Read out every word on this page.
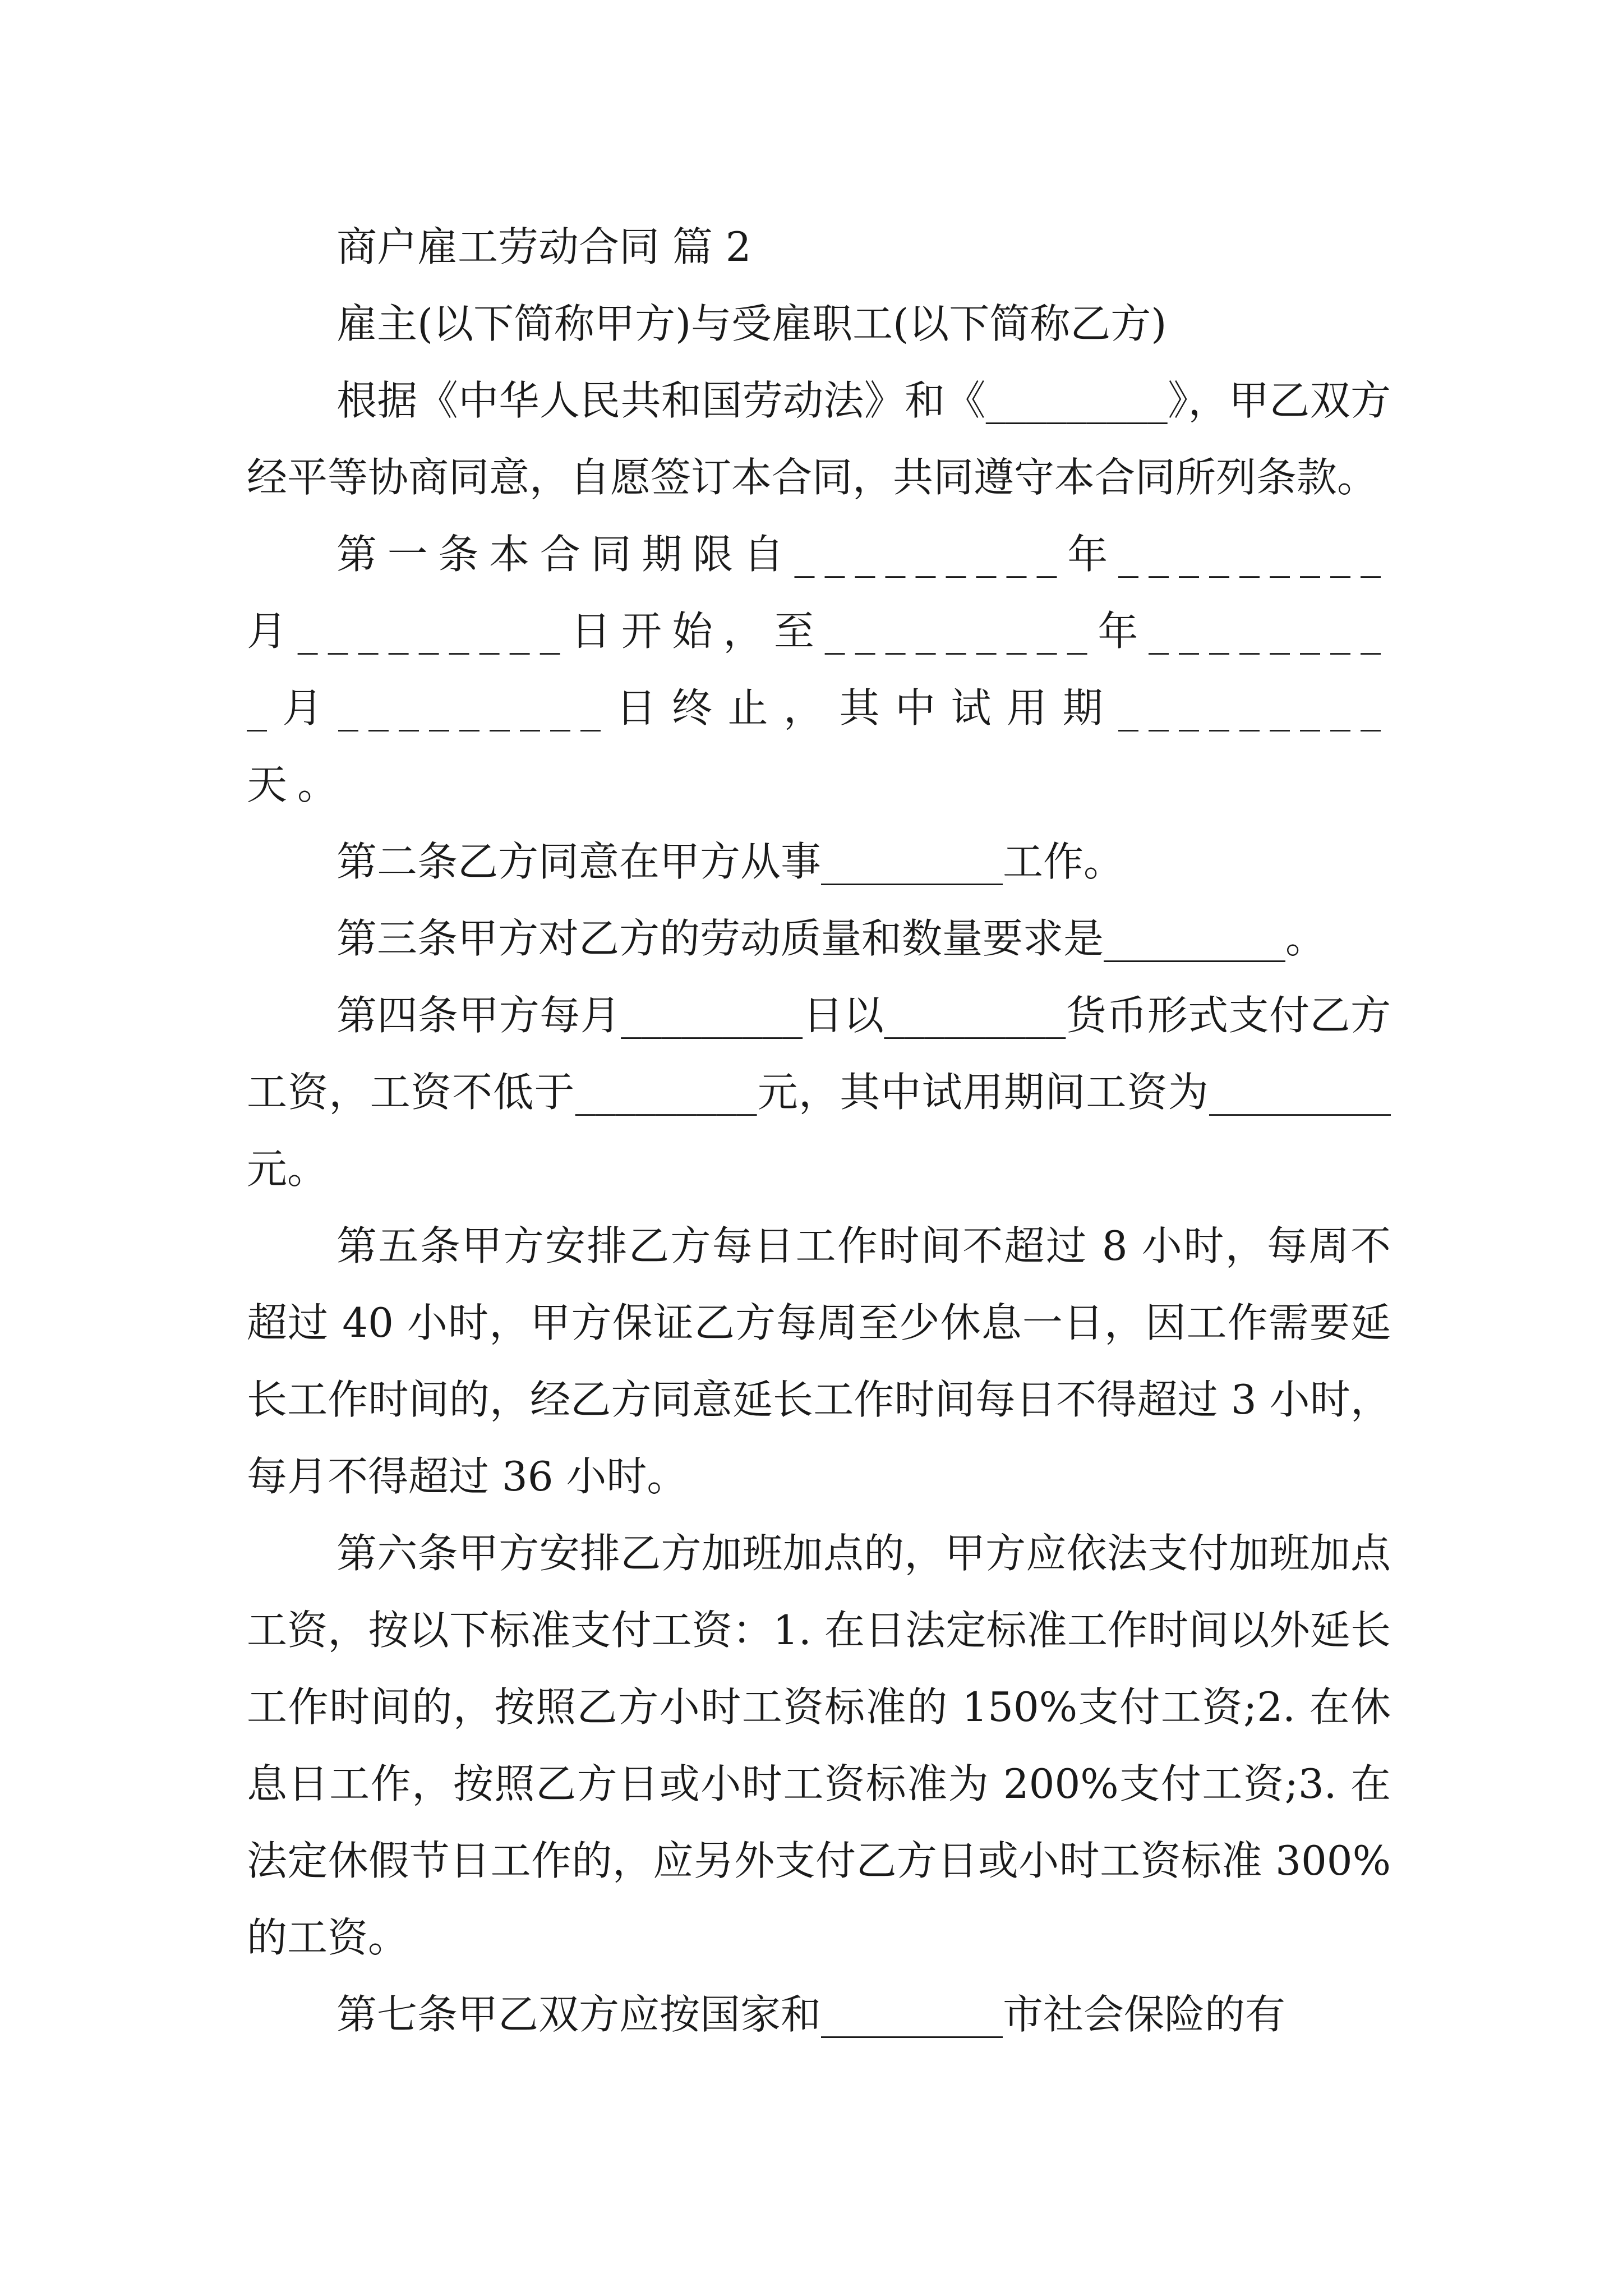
商户雇工劳动合同 篇 2

雇主(以下简称甲方)与受雇职工(以下简称乙方)

根据《中华人民共和国劳动法》和《_________》，甲乙双方经平等协商同意，自愿签订本合同，共同遵守本合同所列条款。

第一条本合同期限自_________年_________月_________日开始，至_________年_________月_________日终止，其中试用期_________天。

第二条乙方同意在甲方从事_________工作。

第三条甲方对乙方的劳动质量和数量要求是_________。

第四条甲方每月_________日以_________货币形式支付乙方工资，工资不低于_________元，其中试用期间工资为_________元。

第五条甲方安排乙方每日工作时间不超过 8 小时，每周不超过 40 小时，甲方保证乙方每周至少休息一日，因工作需要延长工作时间的，经乙方同意延长工作时间每日不得超过 3 小时，每月不得超过 36 小时。

第六条甲方安排乙方加班加点的，甲方应依法支付加班加点工资，按以下标准支付工资：1. 在日法定标准工作时间以外延长工作时间的，按照乙方小时工资标准的 150%支付工资;2. 在休息日工作，按照乙方日或小时工资标准为 200%支付工资;3. 在法定休假节日工作的，应另外支付乙方日或小时工资标准 300%的工资。

第七条甲乙双方应按国家和_________市社会保险的有
